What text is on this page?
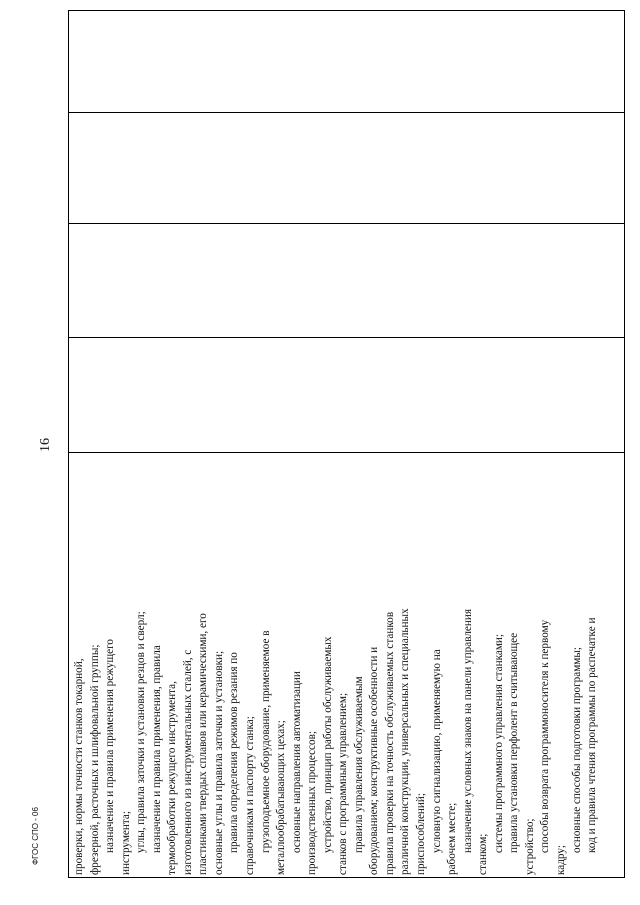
16

проверки, нормы точности станков токарной, фрезерной, расточных и шлифовальной группы; назначение и правила применения режущего инструмента; углы, правила заточки и установки резцов и сверл; назначение и правила применения, правила термообработки режущего инструмента, изготовленного из инструментальных сталей, с пластинками твердых сплавов или керамическими, его основные углы и правила заточки и установки; правила определения режимов резания по справочникам и паспорту станка; грузоподъемное оборудование, применяемое в металлообрабатывающих цехах; основные направления автоматизации производственных процессов; устройство, принцип работы обслуживаемых станков с программным управлением; правила управления обслуживаемым оборудованием; конструктивные особенности и правила проверки на точность обслуживаемых станков различной конструкции, универсальных и специальных приспособлений; условную сигнализацию, применяемую на рабочем месте; назначение условных знаков на панели управления

станком;

системы программного управления станками; правила установки перфолент в считывающее устройство; способы возврата программоносителя к первому

кадру;

основные способы подготовки программы; код и правила чтения программы по распечатке и

ФГОС СПО - 06
